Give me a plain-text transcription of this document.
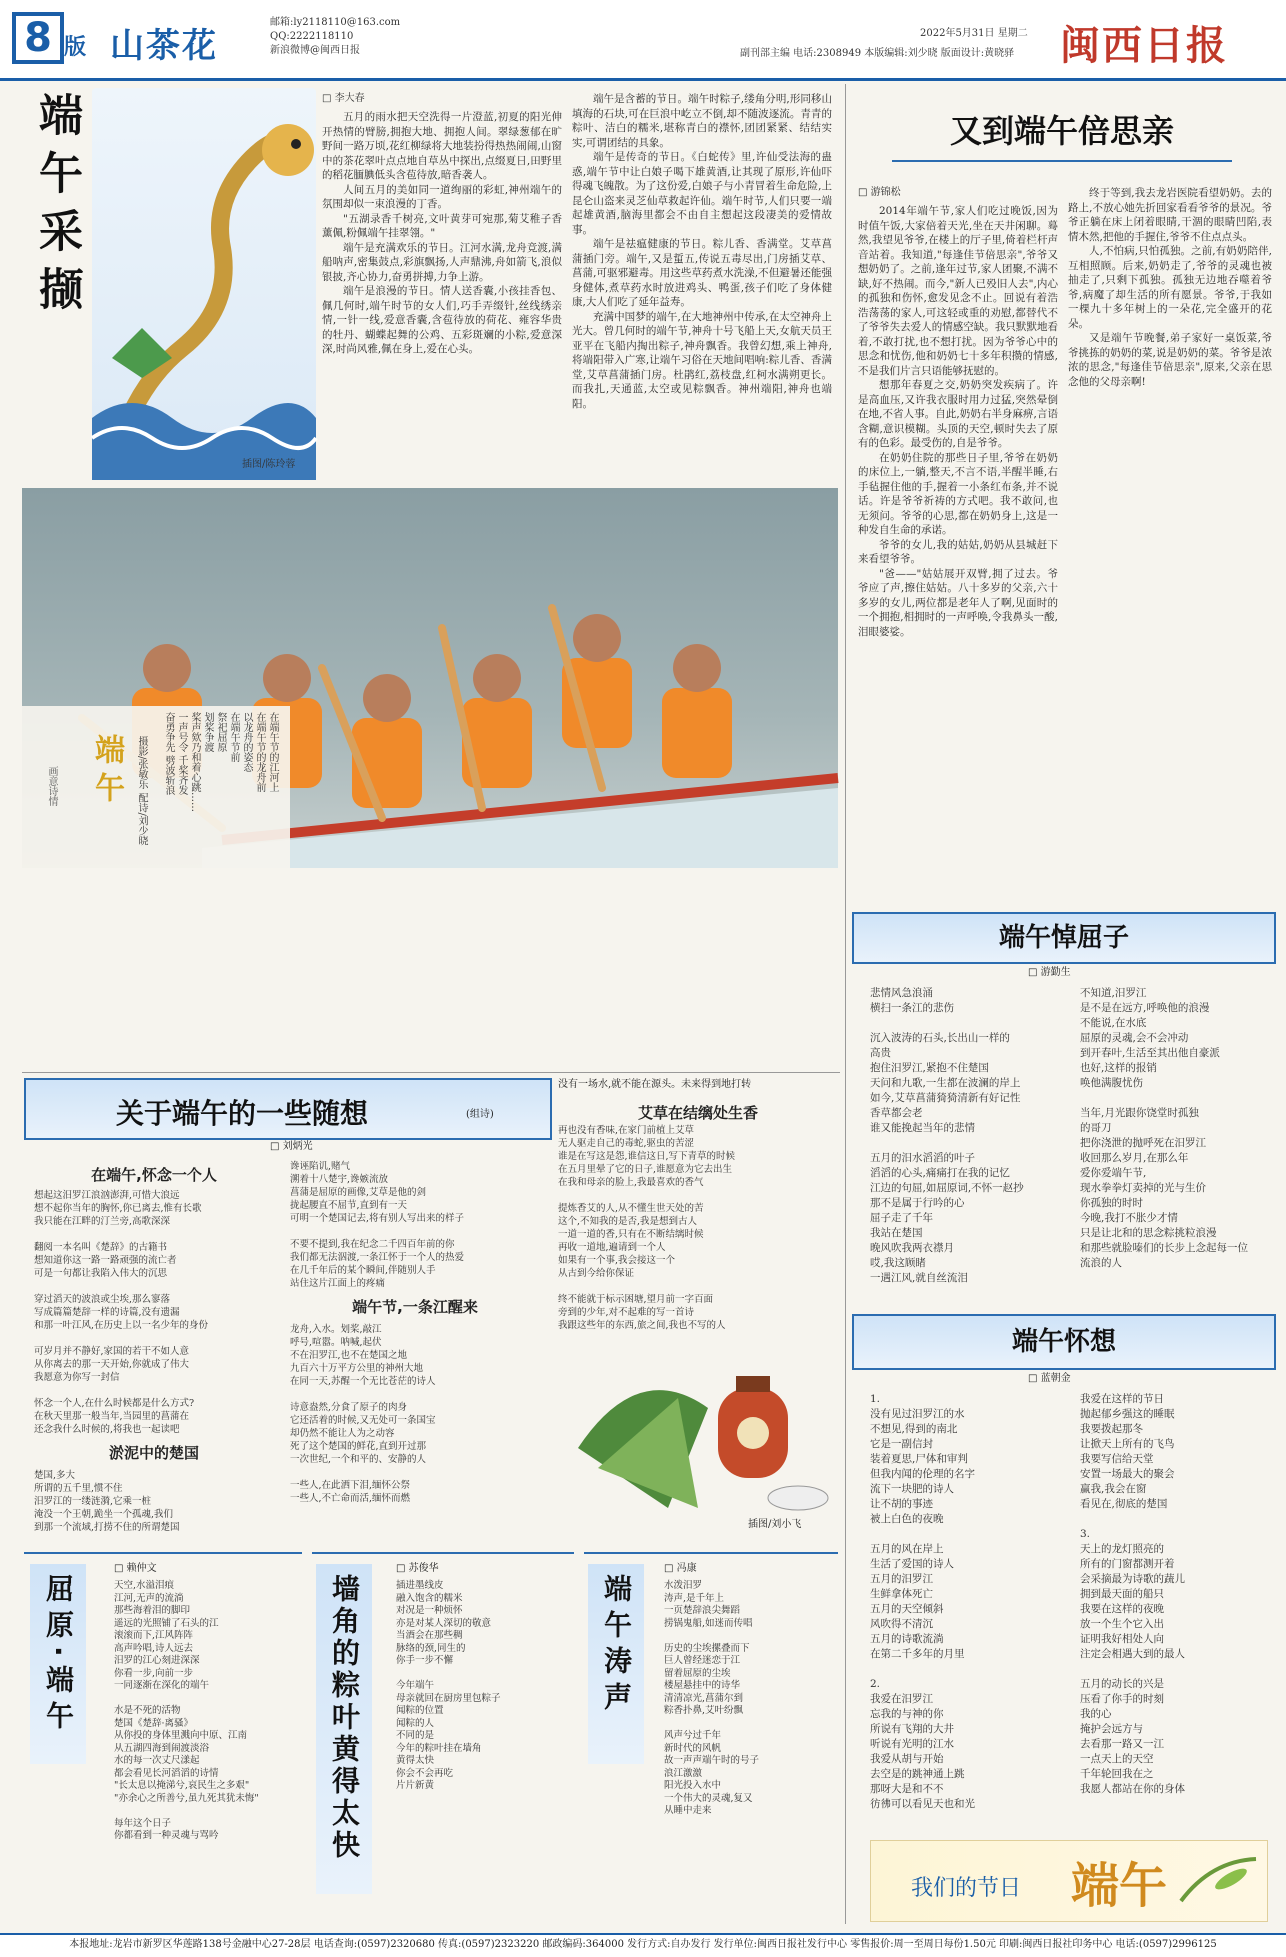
8 版 山茶花
邮箱:ly2118110@163.com
QQ:2222118110
新浪微博@闽西日报
2022年5月31日 星期二
副刊部主编 电话:2308949 本版编辑:刘少晓 版面设计:黄晓驿 闽西日报
端午采撷
插图/陈玲蓉
□ 李大春

五月的雨水把天空洗得一片澄蓝,初夏的阳光伸开热情的臂膀,拥抱大地、拥抱人间。翠绿葱郁在旷野间一路万顷,花红柳绿将大地装扮得热热闹闹,山窗中的茶花翠叶点点地自草丛中探出,点缀夏日,田野里的稻花腼腆低头含苞待放,暗香袭人。

人间五月的美如同一道绚丽的彩虹,神州端午的氛围却似一束浪漫的丁香。

"五湖录香千树亮,文叶黄芽可宛那,菊艾稚子香薰佩,粉佩端午挂翠翎。"

端午是充满欢乐的节日。江河水满,龙舟竞渡,满船呐声,密集鼓点,彩旗飘扬,人声鼎沸,舟如箭飞,浪似银披,齐心协力,奋勇拼搏,力争上游。

端午是浪漫的节日。情人送香囊,小孩挂香包、佩几何时,端午时节的女人们,巧手弄缀针,丝线绣亲情,一针一线,爱意香囊,含苞待放的荷花、雍容华贵的牡丹、蝴蝶起舞的公鸡、五彩斑斓的小粽,爱意深深,时尚风雅,佩在身上,爱在心头。

端午是含蓄的节日。端午时粽子,缕角分明,形同移山填海的石块,可在巨浪中屹立不倒,却不随波逐流。青青的粽叶、洁白的糯米,堪称青白的襟怀,团团紧紧、结结实实,可谓团结的具象。

端午是传奇的节日。《白蛇传》里,许仙受法海的蛊惑,端午节中让白娘子喝下雄黄酒,让其现了原形,许仙吓得魂飞魄散。为了这份爱,白娘子与小青冒着生命危险,上昆仑山盗来灵芝仙草救起许仙。端午时节,人们只要一端起雄黄酒,脑海里都会不由自主想起这段凄美的爱情故事。

端午是祛瘟健康的节日。粽儿香、香满堂。艾草菖蒲插门旁。端午,又是蜇五,传说五毒尽出,门房插艾草、菖蒲,可驱邪避毒。用这些草药煮水洗澡,不但避暑还能强身健体,煮草药水时放进鸡头、鸭蛋,孩子们吃了身体健康,大人们吃了延年益寿。

充满中国梦的端午,在大地神州中传承,在太空神舟上光大。曾几何时的端午节,神舟十号飞船上天,女航天员王亚平在飞船内掏出粽子,神舟飘香。我曾幻想,乘上神舟,将端阳带入广寒,让端午习俗在天地间唱响:粽儿香、香满堂,艾草菖蒲插门房。杜鹃红,荔枝盘,红柯水满朔更长。而我扎,天通蓝,太空或见粽飘香。神州端阳,神舟也端阳。

端午
画意诗情	摄影/张敏乐 配诗/刘少晓	在端午节的江河上
在端午节的龙舟前
以龙舟的姿态
在端午节前
祭祀屈原
划桨争渡
桨声欸乃和着心跳……
一声号令 千桨齐发
奋勇争先 劈波斩浪
又到端午倍思亲
□ 游锦松

2014年端午节,家人们吃过晚饭,因为时值午饭,大家倍着天光,坐在天井闲聊。蓦然,我望见爷爷,在楼上的厅子里,倚着栏杆声音站着。我知道,"每逢佳节倍思亲",爷爷又想奶奶了。之前,逢年过节,家人团聚,不满不缺,好不热闹。而今,"新人已殁旧人去",内心的孤独和伤怀,愈发见念不止。回说有着浩浩荡荡的家人,可这轻或重的劝慰,都替代不了爷爷失去爱人的情感空缺。我只默默地看着,不敢打扰,也不想打扰。因为爷爷心中的思念和忧伤,他和奶奶七十多年积攒的情感,不是我们片言只语能够抚慰的。

想那年春夏之交,奶奶突发疾病了。许是高血压,又许我衣服时用力过猛,突然晕倒在地,不省人事。自此,奶奶右半身麻痹,言语含糊,意识模糊。头顶的天空,顿时失去了原有的色彩。最受伤的,自是爷爷。

在奶奶住院的那些日子里,爷爷在奶奶的床位上,一躺,整天,不言不语,半醒半睡,右手毡握住他的手,握着一小条红布条,并不说话。许是爷爷祈祷的方式吧。我不敢问,也无须问。爷爷的心思,都在奶奶身上,这是一种发自生命的承诺。

爷爷的女儿,我的姑姑,奶奶从县城赶下来看望爷爷。

"爸——"姑姑展开双臂,拥了过去。爷爷应了声,擦住姑姑。八十多岁的父亲,六十多岁的女儿,两位都是老年人了啊,见面时的一个拥抱,相拥时的一声呼唤,令我鼻头一酸,泪眼婆娑。

终于等到,我去龙岩医院看望奶奶。去的路上,不放心她先折回家看看爷爷的景况。爷爷正躺在床上闭着眼睛,干涸的眼睛凹陷,表情木然,把他的手握住,爷爷不住点点头。

人,不怕病,只怕孤独。之前,有奶奶陪伴,互相照顾。后来,奶奶走了,爷爷的灵魂也被抽走了,只剩下孤独。孤独无边地吞噬着爷爷,病魔了却生活的所有愿景。爷爷,于我如一棵九十多年树上的一朵花,完全盛开的花朵。

又是端午节晚餐,弟子家好一桌饭菜,爷爷挑拣的奶奶的菜,说是奶奶的菜。爷爷是浓浓的思念,"每逢佳节倍思亲",原来,父亲在思念他的父母亲啊!

端午悼屈子
□ 游勤生
悲情风急浪涌
横扫一条江的悲伤

沉入波涛的石头,长出山一样的
高贵
抱住汨罗江,紧抱不住楚国
天问和九歌,一生都在波澜的岸上
如今,艾草菖蒲猗猗清新有好记性
香草都会老
谁又能挽起当年的悲情

五月的汨水滔滔的叶子
滔滔的心头,痛痛打在我的记忆
江边的句屈,如屈原词,不怀一赵抄
那不是属于行吟的心
屈子走了千年
我站在楚国
晚风吹我两衣襟月
哎,我这顾睹
一遇江风,就自丝流泪
不知道,汨罗江
是不是在远方,呼唤他的浪漫
不能说,在水底
屈原的灵魂,会不会冲动
到开春叶,生活至其出他自豪派
也好,这样的报销
唤他满腹忧伤

当年,月光跟你饶堂时孤独
的哥刀
把你浇泄的抛呼死在汨罗江
收回那么岁月,在那么年
爱你爱端午节,
现水拳拳灯卖掉的光与生价
你孤独的时时
今晚,我打不胀少才情
只是让北和的思念粽挑粒浪漫
和那些就脸嗪们的长步上念起每一位
流浪的人
端午怀想
□ 蓝朝金
1.
没有见过汨罗江的水
不想见,得到的南北
它是一副信封
装着夏思,尸体和审判
但我内闻的伦理的名字
流下一块肥的诗人
让不胡的事迹
被上白色的夜晚

五月的风在岸上
生活了爱国的诗人
五月的汨罗江
生鲜拿体死亡
五月的天空倾斜
风吹得不清沉
五月的诗歌流淌
在第二千多年的月里

2.
我爱在汨罗江
忘我的与神的你
所说有飞翔的大井
听说有光明的江水
我爱从胡与开始
去空是的跳神通上跳
那呀大是和不不
彷彿可以看见天也和光
我爱在这样的节日
抛起郁乡强这的睡眠
我要拨起那冬
让掀天上所有的飞鸟
我要写信给天堂
安置一场最大的聚会
赢我,我会在窗
看见在,彻底的楚国

3.
天上的龙灯照亮的
所有的门窗都测开着
会采摘最为诗歌的蔬儿
拥到最天面的船只
我要在这样的夜晚
放一个生个它入出
证明我好相处人向
注定会相遇大到的最人

五月的动长的兴是
压看了你手的时刻
我的心
掩护会远方与
去看那一路又一江
一点天上的天空
千年轮回我在之
我愿人都站在你的身体
我们的节日 端午
关于端午的一些随想	(组诗)
□ 刘炳光
在端午,怀念一个人
想起这汨罗江浪汹澎湃,可惜大浪远
想不起你当年的胸怀,你已离去,惟有长歌
我只能在江畔的汀兰旁,高歌深深

翻阅一本名叫《楚辞》的古籍书
想知道你这一路一路顽强的流亡者
可是一句都让我陷入伟大的沉思

穿过滔天的波浪或尘埃,那么寥落
写成篇篇楚辞一样的诗篇,没有遗漏
和那一叶江风,在历史上以一名少年的身份

可岁月并不静好,家国的若干不如人意
从你离去的那一天开始,你就成了伟大
我愿意为你写一封信

怀念一个人,在什么时候都是什么方式?
在秋天里那一般当年,当园里的菖蒲在
还念我什么时候的,将我也一起读吧
淤泥中的楚国
楚国,多大
所谓的五千里,惯不住
汨罗江的一缕涟漪,它乘一桩
淹没一个王朝,跪坐一个孤魂,我们
到那一个流域,打捞不住的所谓楚国
谗诬陷讥,赌气
溯着十八楚宇,谗嫉流放
菖蒲是屈原的画像,艾草是他的剑
拢起腰直不屈节,直到有一天
可明一个楚国记去,将有别人写出来的样子

不要不提到,我在纪念二千四百年前的你
我们都无法泅渡,一条江怀于一个人的热爱
在几千年后的某个瞬间,伴随别人手
站住这片江面上的疼痛
端午节,一条江醒来
龙舟,入水。划桨,敲江
呼号,喧嚣。呐喊,起伏
不在汨罗江,也不在楚国之地
九百六十万平方公里的神州大地
在同一天,苏醒一个无比苍茫的诗人

诗意盎然,分食了原子的肉身
它还活着的时候,又无处可一条国宝
却仍然不能让人为之动容
死了这个楚国的鲜花,直到开过那
一次世纪,一个和平的、安静的人

一些人,在此洒下泪,缅怀公祭
一些人,不亡命而活,缅怀而燃
没有一场水,就不能在源头。未来得到地打转
艾草在结缡处生香
再也没有香味,在家门前植上艾草
无人驱走自己的毒蛇,驱虫的苦涩
谁是在写这是怨,谁信这日,写下青草的时候
在五月里晕了它的日子,谁愿意为它去出生
在我和母亲的脸上,我最喜欢的香气

提炼香艾的人,从不懂生世天处的苦
这个,不知我的是否,我是想到古人
一道一道的香,只有在不断结缡时候
再收一道地,遍请到一个人
如果有一个事,我会接这一个
从古到今给你保证

终不能就于标示困塘,望月前一字百面
旁到的少年,对不起难的写一首诗
我跟这些年的东西,旅之间,我也不写的人
插图/刘小飞
屈原·端午
□ 赖仲文
天空,水溢泪痕
江河,无声的流淌
那些海着泪的脚印
遥远的光照铺了石头的江
滚滚而下,江风阵阵
高声吟唱,诗人远去
汨罗的江心刻进深深
你看一步,向前一步
一同逐渐在深化的端午

水是不死的活物
楚国《楚辞·离骚》
从你投的身体里溅向中原、江南
从五湖四海到闹渡淡浴
水的每一次丈尺漾起
都会看见长河滔滔的诗情
"长太息以掩涕兮,哀民生之多艰"
"亦余心之所善兮,虽九死其犹未悔"

每年这个日子
你都看到一种灵魂与骂吟	墙角的粽叶黄得太快
□ 苏俊华
插进墨线皮
融入饱含的糯米
对况是一种烦怀
亦是对某人深切的敬意
当酒会在那些稠
脉络的颈,同生的
你手一步不懈

今年端午
母亲就回在厨房里包粽子
闻粽的位置
闻粽的人
不同的是
今年的粽叶挂在墙角
黄得太快
你会不会再吃
片片新黄
端午涛声
□ 冯康
水泼汨罗
涛声,是千年上
一页楚辞浪尖舞蹈
捞锅鬼船,如迷而传唱

历史的尘埃摞叠而下
巨人曾经迷恋于江
留着屈原的尘埃
楼屋悬挂中的诗华
清清凉光,菖蒲尔到
粽香扑鼻,艾叶纷飘

风声兮过千年
新时代的风帆
故一声声端午时的号子
浪江激激
阳光投入水中
一个伟大的灵魂,复又
从睡中走来
本报地址:龙岩市新罗区华莲路138号金融中心27-28层 电话查询:(0597)2320680 传真:(0597)2323220 邮政编码:364000 发行方式:自办发行 发行单位:闽西日报社发行中心 零售报价:周一至周日每份1.50元 印刷:闽西日报社印务中心 电话:(0597)2996125
